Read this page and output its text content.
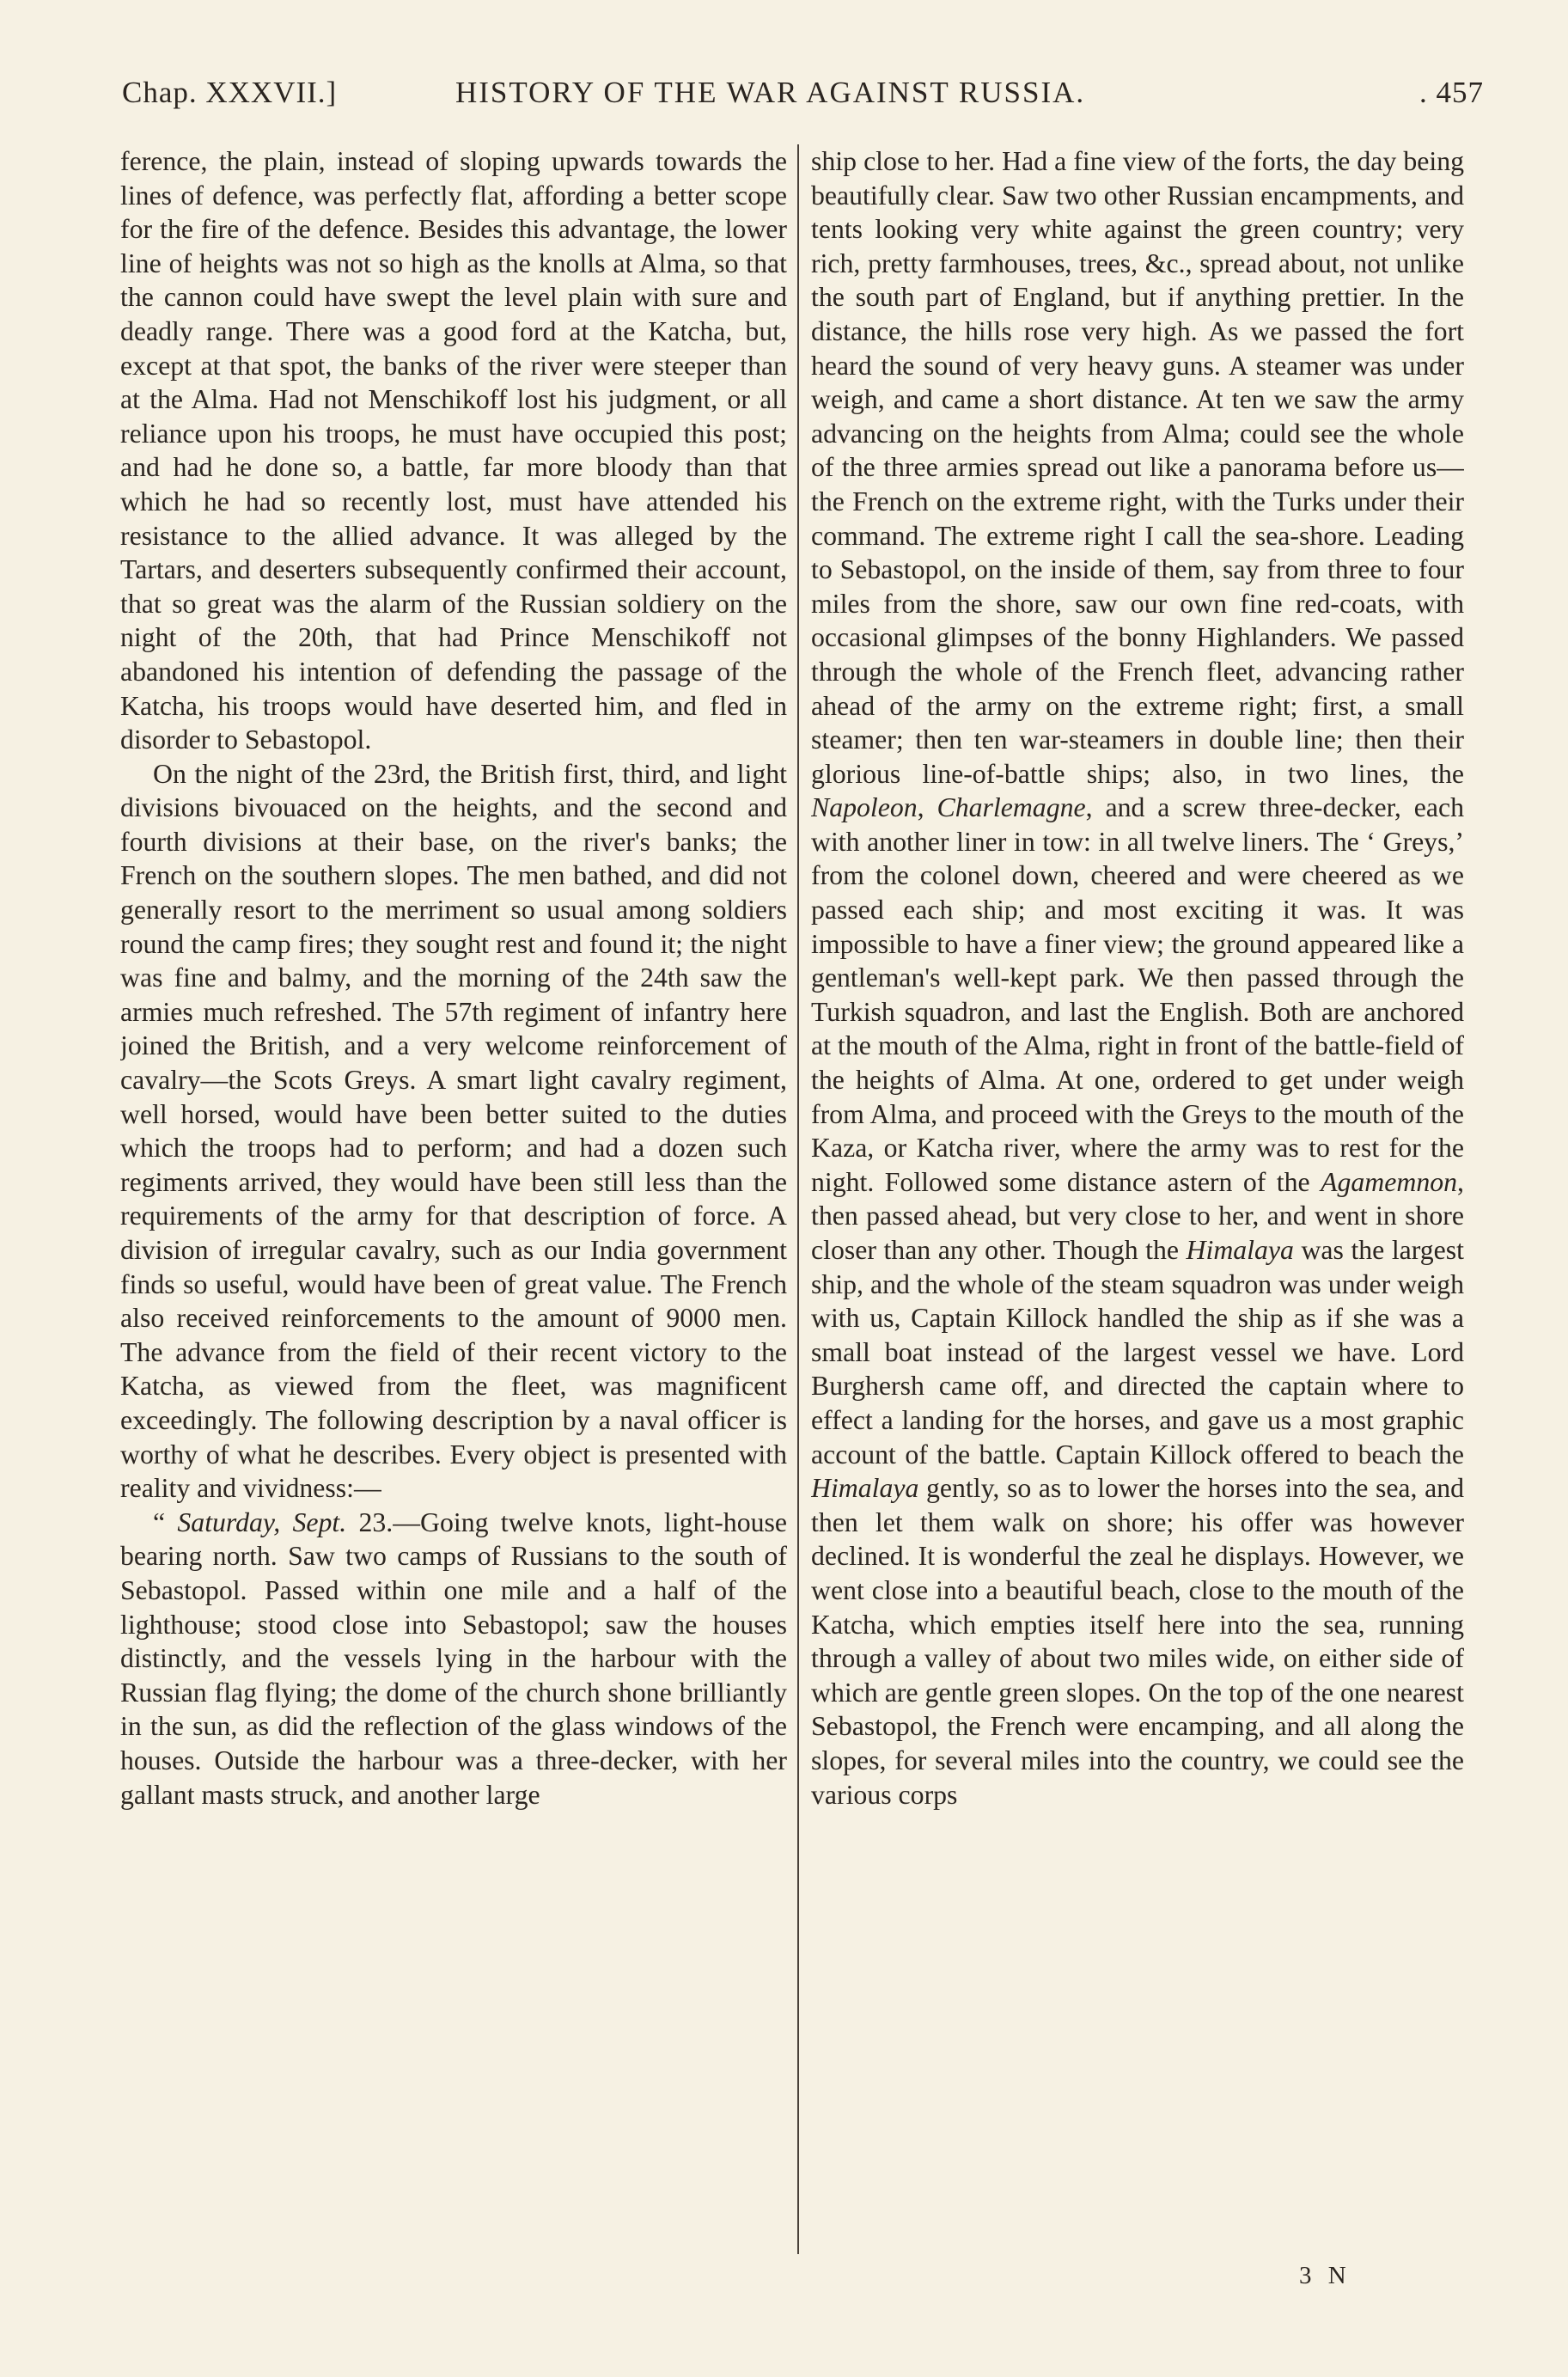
Chap. XXXVII.]	HISTORY OF THE WAR AGAINST RUSSIA.	. 457

ference, the plain, instead of sloping upwards towards the lines of defence, was perfectly flat, affording a better scope for the fire of the defence. Besides this advantage, the lower line of heights was not so high as the knolls at Alma, so that the cannon could have swept the level plain with sure and deadly range. There was a good ford at the Katcha, but, except at that spot, the banks of the river were steeper than at the Alma. Had not Menschikoff lost his judgment, or all reliance upon his troops, he must have occupied this post; and had he done so, a battle, far more bloody than that which he had so recently lost, must have attended his resistance to the allied advance. It was alleged by the Tartars, and deserters subsequently confirmed their account, that so great was the alarm of the Russian soldiery on the night of the 20th, that had Prince Menschikoff not abandoned his intention of defending the passage of the Katcha, his troops would have deserted him, and fled in disorder to Sebastopol.

On the night of the 23rd, the British first, third, and light divisions bivouaced on the heights, and the second and fourth divisions at their base, on the river's banks; the French on the southern slopes. The men bathed, and did not generally resort to the merriment so usual among soldiers round the camp fires; they sought rest and found it; the night was fine and balmy, and the morning of the 24th saw the armies much refreshed. The 57th regiment of infantry here joined the British, and a very welcome reinforcement of cavalry—the Scots Greys. A smart light cavalry regiment, well horsed, would have been better suited to the duties which the troops had to perform; and had a dozen such regiments arrived, they would have been still less than the requirements of the army for that description of force. A division of irregular cavalry, such as our India government finds so useful, would have been of great value. The French also received reinforcements to the amount of 9000 men. The advance from the field of their recent victory to the Katcha, as viewed from the fleet, was magnificent exceedingly. The following description by a naval officer is worthy of what he describes. Every object is presented with reality and vividness:—

“ Saturday, Sept. 23.—Going twelve knots, light-house bearing north. Saw two camps of Russians to the south of Sebastopol. Passed within one mile and a half of the lighthouse; stood close into Sebastopol; saw the houses distinctly, and the vessels lying in the harbour with the Russian flag flying; the dome of the church shone brilliantly in the sun, as did the reflection of the glass windows of the houses. Outside the harbour was a three-decker, with her gallant masts struck, and another large

ship close to her. Had a fine view of the forts, the day being beautifully clear. Saw two other Russian encampments, and tents looking very white against the green country; very rich, pretty farmhouses, trees, &c., spread about, not unlike the south part of England, but if anything prettier. In the distance, the hills rose very high. As we passed the fort heard the sound of very heavy guns. A steamer was under weigh, and came a short distance. At ten we saw the army advancing on the heights from Alma; could see the whole of the three armies spread out like a panorama before us—the French on the extreme right, with the Turks under their command. The extreme right I call the sea-shore. Leading to Sebastopol, on the inside of them, say from three to four miles from the shore, saw our own fine red-coats, with occasional glimpses of the bonny Highlanders. We passed through the whole of the French fleet, advancing rather ahead of the army on the extreme right; first, a small steamer; then ten war-steamers in double line; then their glorious line-of-battle ships; also, in two lines, the Napoleon, Charlemagne, and a screw three-decker, each with another liner in tow: in all twelve liners. The ‘ Greys,’ from the colonel down, cheered and were cheered as we passed each ship; and most exciting it was. It was impossible to have a finer view; the ground appeared like a gentleman's well-kept park. We then passed through the Turkish squadron, and last the English. Both are anchored at the mouth of the Alma, right in front of the battle-field of the heights of Alma. At one, ordered to get under weigh from Alma, and proceed with the Greys to the mouth of the Kaza, or Katcha river, where the army was to rest for the night. Followed some distance astern of the Agamemnon, then passed ahead, but very close to her, and went in shore closer than any other. Though the Himalaya was the largest ship, and the whole of the steam squadron was under weigh with us, Captain Killock handled the ship as if she was a small boat instead of the largest vessel we have. Lord Burghersh came off, and directed the captain where to effect a landing for the horses, and gave us a most graphic account of the battle. Captain Killock offered to beach the Himalaya gently, so as to lower the horses into the sea, and then let them walk on shore; his offer was however declined. It is wonderful the zeal he displays. However, we went close into a beautiful beach, close to the mouth of the Katcha, which empties itself here into the sea, running through a valley of about two miles wide, on either side of which are gentle green slopes. On the top of the one nearest Sebastopol, the French were encamping, and all along the slopes, for several miles into the country, we could see the various corps

3 N
